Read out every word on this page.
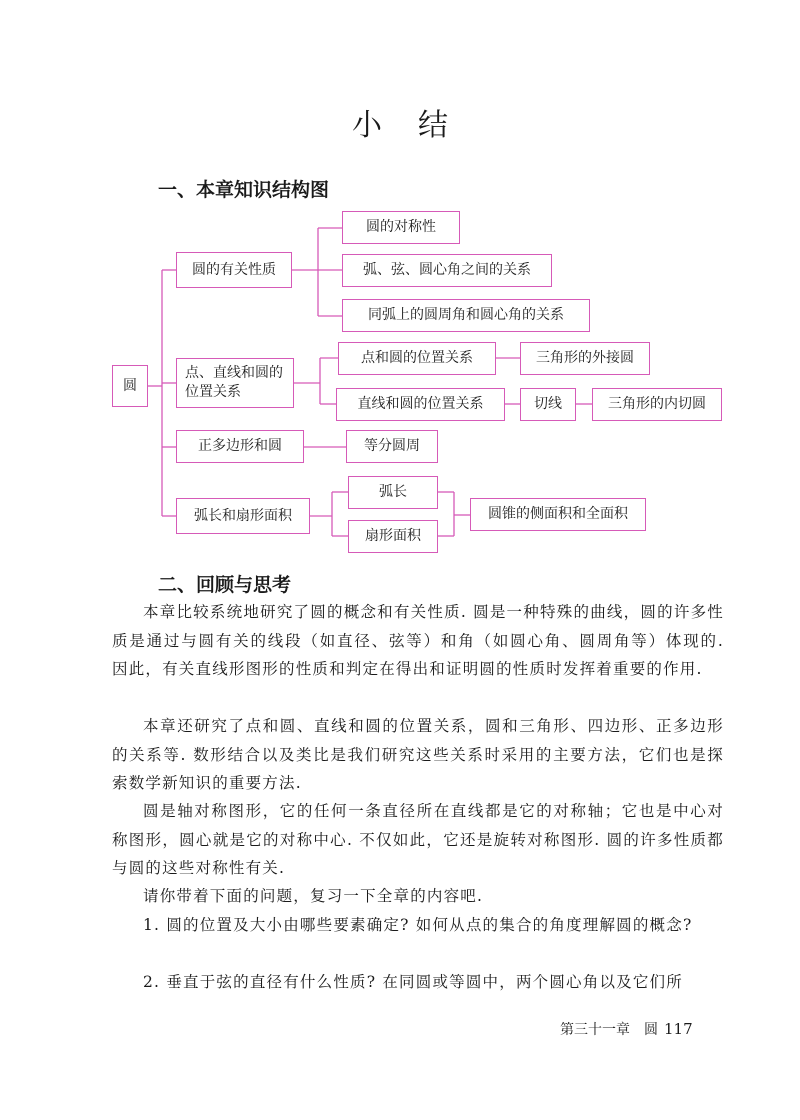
小结
一、本章知识结构图
圆
圆的有关性质
圆的对称性
弧、弦、圆心角之间的关系
同弧上的圆周角和圆心角的关系
点、直线和圆的位置关系
点和圆的位置关系	三角形的外接圆
直线和圆的位置关系	切线	三角形的内切圆
正多边形和圆	等分圆周
弧长和扇形面积
弧长
扇形面积
圆锥的侧面积和全面积
二、回顾与思考

本章比较系统地研究了圆的概念和有关性质. 圆是一种特殊的曲线，圆的许多性质是通过与圆有关的线段（如直径、弦等）和角（如圆心角、圆周角等）体现的. 因此，有关直线形图形的性质和判定在得出和证明圆的性质时发挥着重要的作用.

本章还研究了点和圆、直线和圆的位置关系，圆和三角形、四边形、正多边形的关系等. 数形结合以及类比是我们研究这些关系时采用的主要方法，它们也是探索数学新知识的重要方法.

圆是轴对称图形，它的任何一条直径所在直线都是它的对称轴；它也是中心对称图形，圆心就是它的对称中心. 不仅如此，它还是旋转对称图形. 圆的许多性质都与圆的这些对称性有关.

请你带着下面的问题，复习一下全章的内容吧.

1. 圆的位置及大小由哪些要素确定? 如何从点的集合的角度理解圆的概念?

2. 垂直于弦的直径有什么性质? 在同圆或等圆中，两个圆心角以及它们所

第三十一章　圆 117
